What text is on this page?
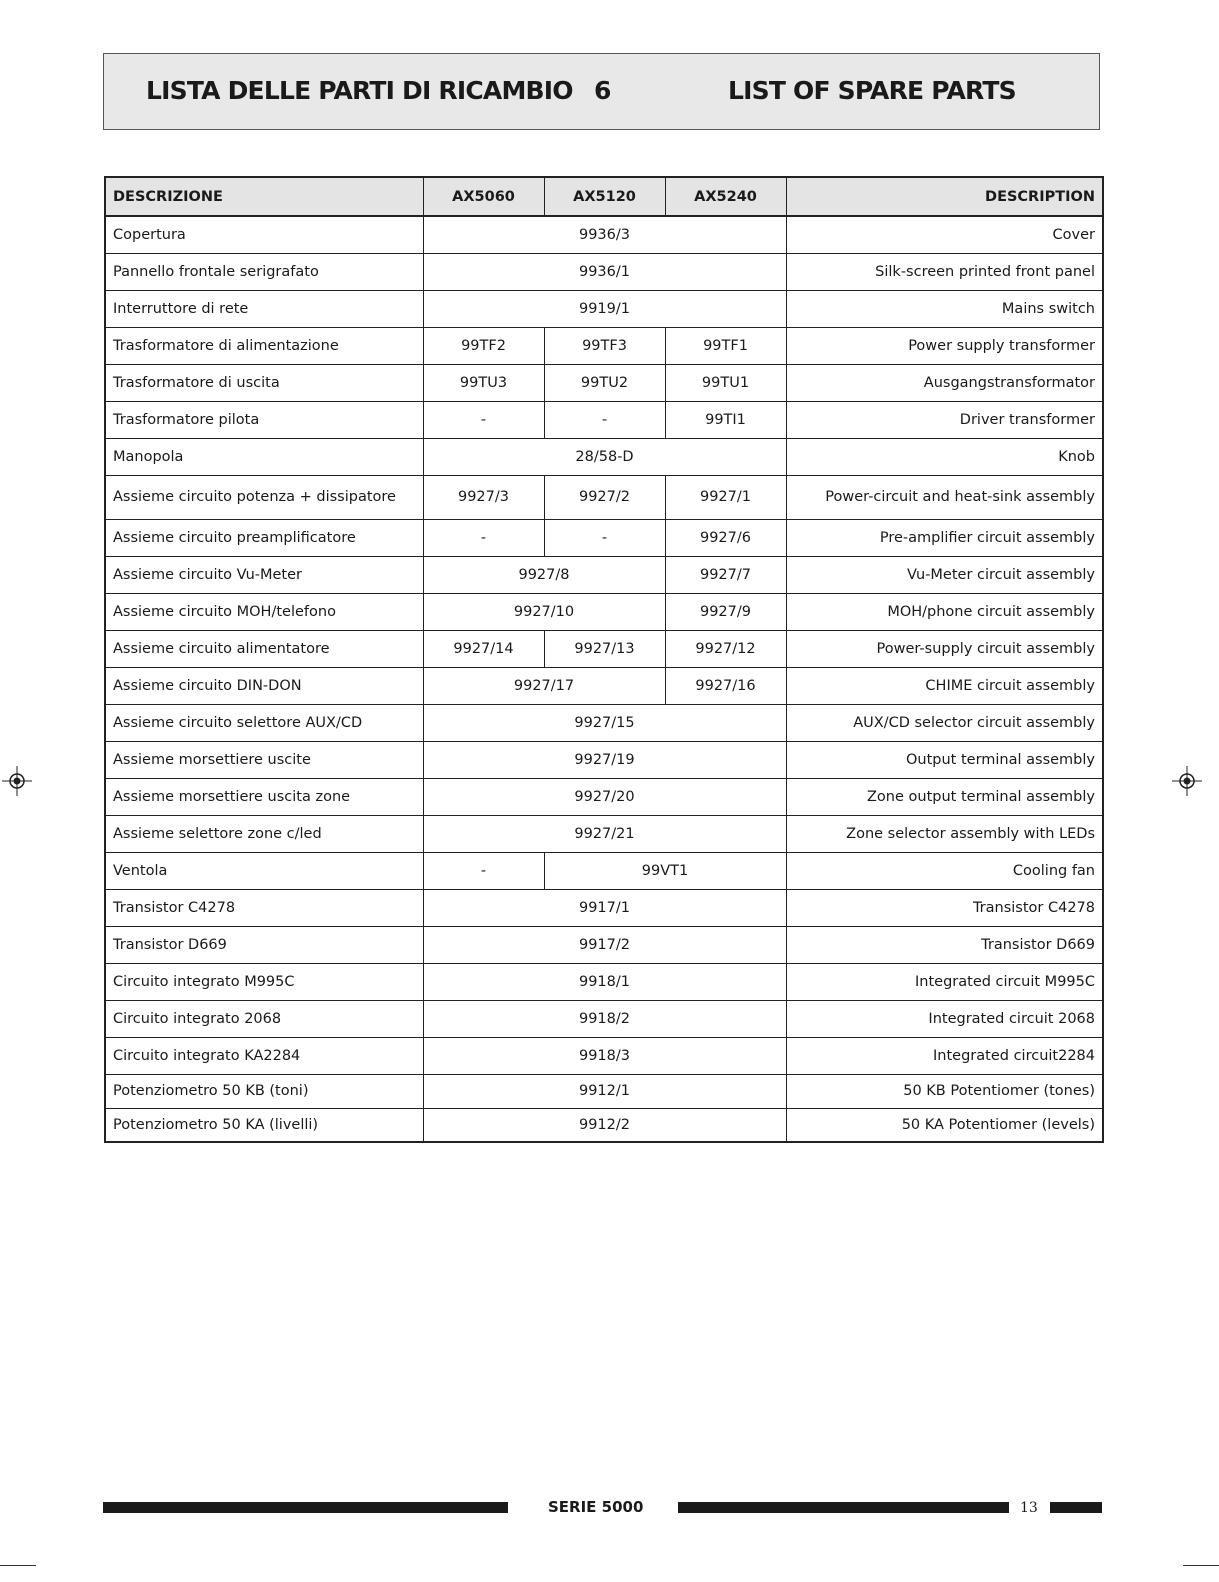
LISTA DELLE PARTI DI RICAMBIO 6	LIST OF SPARE PARTS
DESCRIZIONE	AX5060	AX5120	AX5240	DESCRIPTION
Copertura	9936/3			Cover
Pannello frontale serigrafato	9936/1			Silk-screen printed front panel
Interruttore di rete	9919/1			Mains switch
Trasformatore di alimentazione	99TF2	99TF3	99TF1	Power supply transformer
Trasformatore di uscita	99TU3	99TU2	99TU1	Ausgangstransformator
Trasformatore pilota	-	-	99TI1	Driver transformer
Manopola	28/58-D			Knob
Assieme circuito potenza + dissipatore	9927/3	9927/2	9927/1	Power-circuit and heat-sink assembly
Assieme circuito preamplificatore	-	-	9927/6	Pre-amplifier circuit assembly
Assieme circuito Vu-Meter	9927/8		9927/7	Vu-Meter circuit assembly
Assieme circuito MOH/telefono	9927/10		9927/9	MOH/phone circuit assembly
Assieme circuito alimentatore	9927/14	9927/13	9927/12	Power-supply circuit assembly
Assieme circuito DIN-DON	9927/17		9927/16	CHIME circuit assembly
Assieme circuito selettore AUX/CD	9927/15			AUX/CD selector circuit assembly
Assieme morsettiere uscite	9927/19			Output terminal assembly
Assieme morsettiere uscita zone	9927/20			Zone output terminal assembly
Assieme selettore zone c/led	9927/21			Zone selector assembly with LEDs
Ventola	-	99VT1		Cooling fan
Transistor C4278	9917/1			Transistor C4278
Transistor D669	9917/2			Transistor D669
Circuito integrato M995C	9918/1			Integrated circuit M995C
Circuito integrato 2068	9918/2			Integrated circuit 2068
Circuito integrato KA2284	9918/3			Integrated circuit2284
Potenziometro 50 KB (toni)	9912/1			50 KB Potentiomer (tones)
Potenziometro 50 KA (livelli)	9912/2			50 KA Potentiomer (levels)
SERIE 5000	13
